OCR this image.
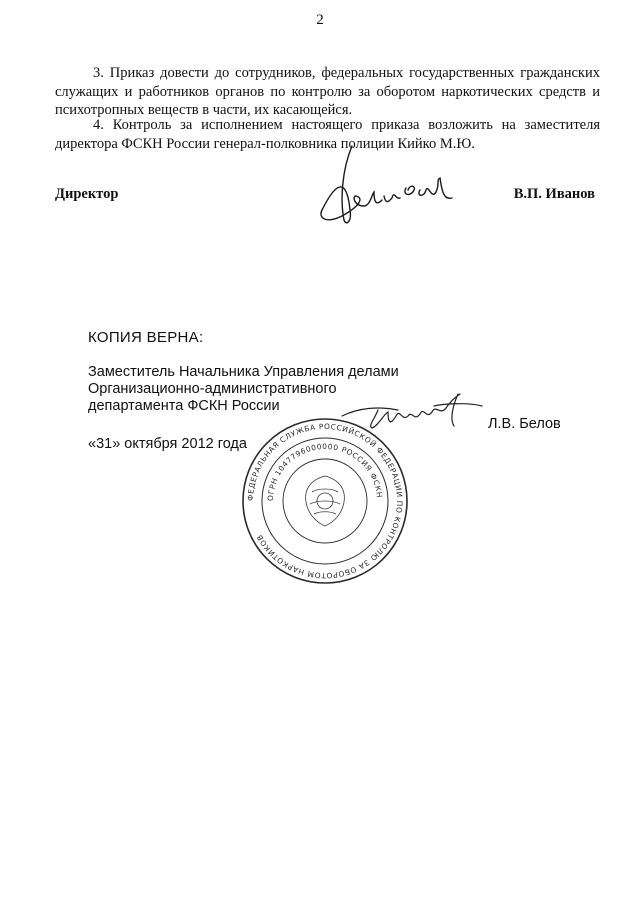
2

3. Приказ довести до сотрудников, федеральных государственных гражданских служащих и работников органов по контролю за оборотом наркотических средств и психотропных веществ в части, их касающейся.

4. Контроль за исполнением настоящего приказа возложить на заместителя директора ФСКН России генерал-полковника полиции Кийко М.Ю.

Директор	В.П. Иванов
КОПИЯ ВЕРНА:
Заместитель Начальника Управления делами
Организационно-административного
департамента ФСКН России
ФЕДЕРАЛЬНАЯ СЛУЖБА РОССИЙСКОЙ ФЕДЕРАЦИИ ПО КОНТРОЛЮ ЗА ОБОРОТОМ НАРКОТИКОВ
ОГРН 1047796000000 РОССИЯ ФСКН
«31» октября 2012 года
Л.В. Белов
